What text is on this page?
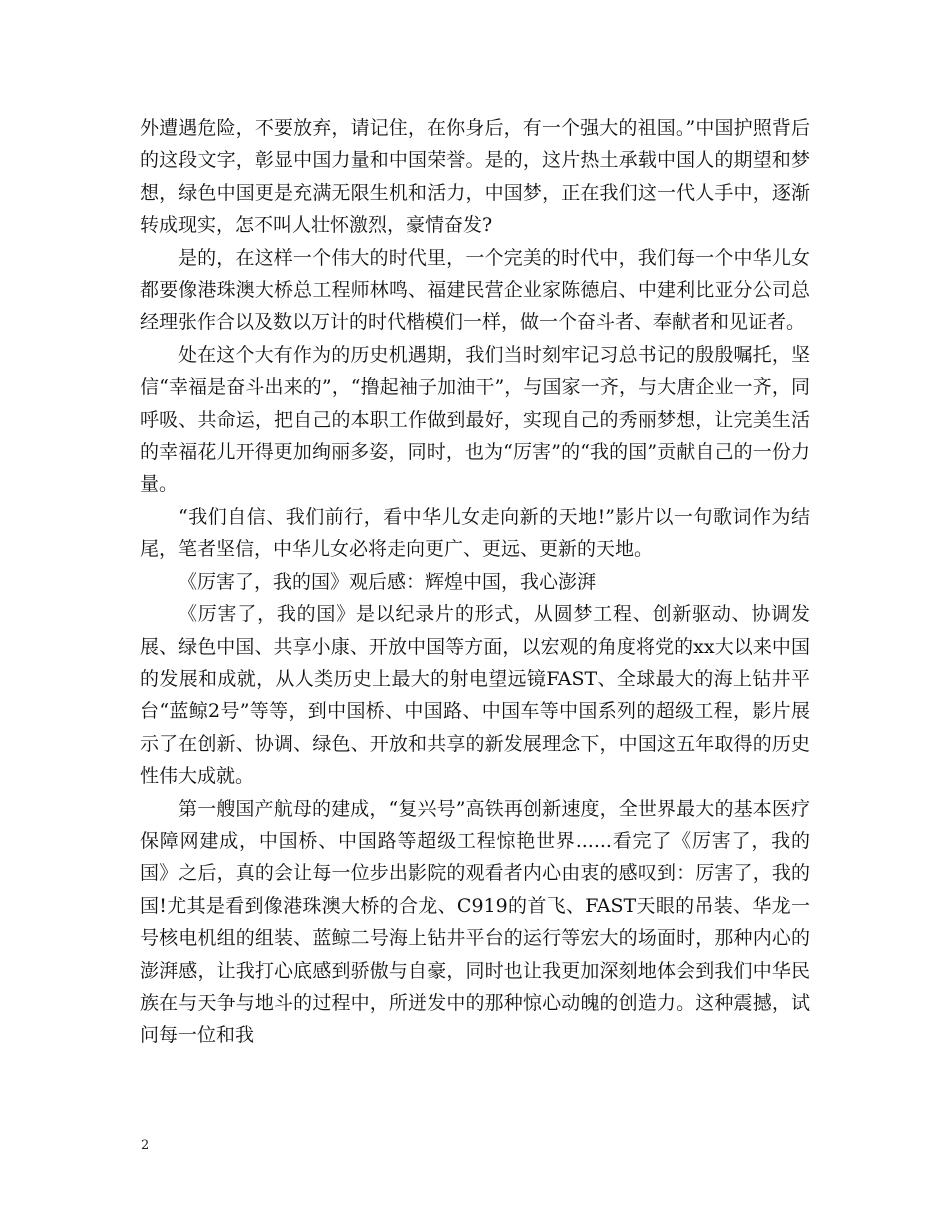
外遭遇危险，不要放弃，请记住，在你身后，有一个强大的祖国。”中国护照背后的这段文字，彰显中国力量和中国荣誉。是的，这片热土承载中国人的期望和梦想，绿色中国更是充满无限生机和活力，中国梦，正在我们这一代人手中，逐渐转成现实，怎不叫人壮怀激烈，豪情奋发?

是的，在这样一个伟大的时代里，一个完美的时代中，我们每一个中华儿女都要像港珠澳大桥总工程师林鸣、福建民营企业家陈德启、中建利比亚分公司总经理张作合以及数以万计的时代楷模们一样，做一个奋斗者、奉献者和见证者。

处在这个大有作为的历史机遇期，我们当时刻牢记习总书记的殷殷嘱托，坚信“幸福是奋斗出来的”，“撸起袖子加油干”，与国家一齐，与大唐企业一齐，同呼吸、共命运，把自己的本职工作做到最好，实现自己的秀丽梦想，让完美生活的幸福花儿开得更加绚丽多姿，同时，也为“厉害”的“我的国”贡献自己的一份力量。

“我们自信、我们前行，看中华儿女走向新的天地!”影片以一句歌词作为结尾，笔者坚信，中华儿女必将走向更广、更远、更新的天地。

《厉害了，我的国》观后感：辉煌中国，我心澎湃

《厉害了，我的国》是以纪录片的形式，从圆梦工程、创新驱动、协调发展、绿色中国、共享小康、开放中国等方面，以宏观的角度将党的xx大以来中国的发展和成就，从人类历史上最大的射电望远镜FAST、全球最大的海上钻井平台“蓝鲸2号”等等，到中国桥、中国路、中国车等中国系列的超级工程，影片展示了在创新、协调、绿色、开放和共享的新发展理念下，中国这五年取得的历史性伟大成就。

第一艘国产航母的建成，“复兴号”高铁再创新速度，全世界最大的基本医疗保障网建成，中国桥、中国路等超级工程惊艳世界......看完了《厉害了，我的国》之后，真的会让每一位步出影院的观看者内心由衷的感叹到：厉害了，我的国!尤其是看到像港珠澳大桥的合龙、C919的首飞、FAST天眼的吊装、华龙一号核电机组的组装、蓝鲸二号海上钻井平台的运行等宏大的场面时，那种内心的澎湃感，让我打心底感到骄傲与自豪，同时也让我更加深刻地体会到我们中华民族在与天争与地斗的过程中，所迸发中的那种惊心动魄的创造力。这种震撼，试问每一位和我

2
